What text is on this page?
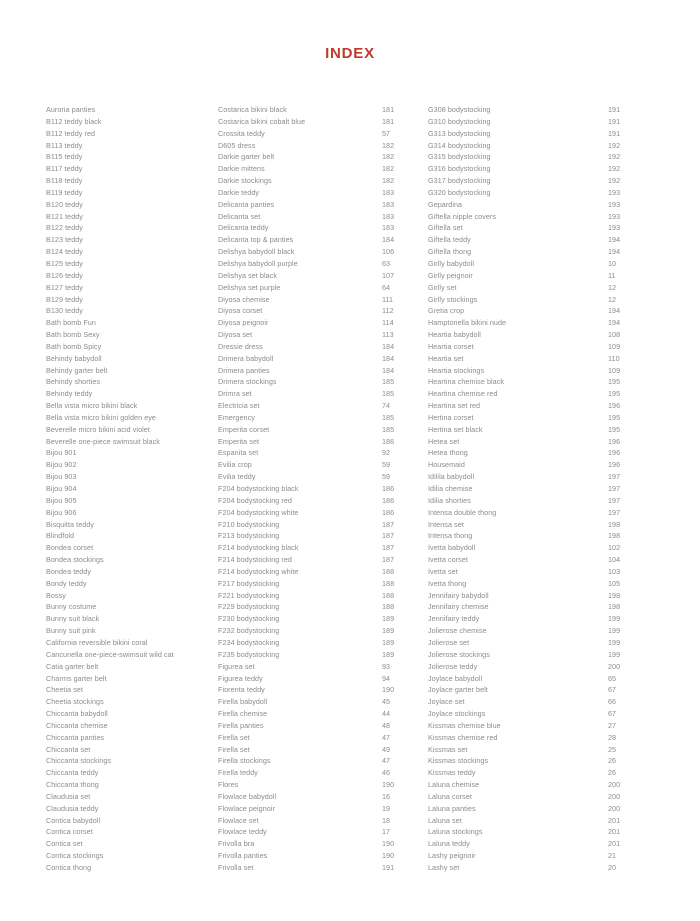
INDEX
Auroria panties
B112 teddy black
B112 teddy red
B113 teddy
B115 teddy
B117 teddy
B118 teddy
B119 teddy
B120 teddy
B121 teddy
B122 teddy
B123 teddy
B124 teddy
B125 teddy
B126 teddy
B127 teddy
B129 teddy
B130 teddy
Bath bomb Fun
Bath bomb Sexy
Bath bomb Spicy
Behindy babydoll
Behindy garter belt
Behindy shorties
Behindy teddy
Bella vista micro bikini black
Bella vista micro bikini golden eye
Beverelle micro bikini acid violet
Beverelle one-piece swimsuit black
Bijou 901
Bijou 902
Bijou 903
Bijou 904
Bijou 905
Bijou 906
Bisquitta teddy
Blindfold
Bondea corset
Bondea stockings
Bondea teddy
Bondy teddy
Bossy
Bunny costume
Bunny suit black
Bunny suit pink
California reversible bikini coral
Cancunella one-piece-swimsuit wild cat
Catia garter belt
Charms garter belt
Cheetia set
Cheetia stockings
Chiccanta babydoll
Chiccanta chemise
Chiccanta panties
Chiccanta set
Chiccanta stockings
Chiccanta teddy
Chiccanta thong
Claudusia set
Claudusia teddy
Contica babydoll
Contica corset
Contica set
Contica stockings
Contica thong
Costarica bikini black	181
Costarica bikini cobalt blue	181
Crossita teddy	57
D605 dress	182
Darkie garter belt	182
Darkie mittens	182
Darkie stockings	182
Darkie teddy	183
Delicanta panties	183
Delicanta set	183
Delicanta teddy	183
Delicanta top & panties	184
Delishya babydoll black	106
Delishya babydoll purple	63
Delishya set black	107
Delishya set purple	64
Diyosa chemise	111
Diyosa corset	112
Diyosa peignoir	114
Diyosa set	113
Dressie dress	184
Drimera babydoll	184
Drimera panties	184
Drimera stockings	185
Drimra set	185
Electricia set	74
Emergency	185
Emperita corset	185
Emperita set	186
Espanita set	92
Evilia crop	59
Evilia teddy	59
F204 bodystocking black	186
F204 bodystocking red	186
F204 bodystocking white	186
F210 bodystocking	187
F213 bodystocking	187
F214 bodystocking black	187
F214 bodystocking red	187
F214 bodystocking white	188
F217 bodystocking	188
F221 bodystocking	188
F229 bodystocking	188
F230 bodystocking	189
F232 bodystocking	189
F234 bodystocking	189
F235 bodystocking	189
Figurea set	93
Figurea teddy	94
Fiorenta teddy	190
Firella babydoll	45
Firella chemise	44
Firella panties	48
Firella set	47
Firella set	49
Firella stockings	47
Firella teddy	46
Flores	190
Flowlace babydoll	16
Flowlace peignoir	19
Flowlace set	18
Flowlace teddy	17
Frivolla bra	190
Frivolla panties	190
Frivolla set	191
G308 bodystocking	191
G310 bodystocking	191
G313 bodystocking	191
G314 bodystocking	192
G315 bodystocking	192
G316 bodystocking	192
G317 bodystocking	192
G320 bodystocking	193
Gepardina	193
Giftella nipple covers	193
Giftella set	193
Giftella teddy	194
Giftella thong	194
Girlly babydoll	10
Girlly peignoir	11
Girlly set	12
Girlly stockings	12
Gretia crop	194
Hamptonella bikini nude	194
Heartia babydoll	108
Heartia corset	109
Heartia set	110
Heartia stockings	109
Heartina chemise black	195
Heartina chemise red	195
Heartina set red	196
Hertina corset	195
Hertina set black	195
Hetea set	196
Hetea thong	196
Housemaid	196
Idilila babydoll	197
Idilia chemise	197
Idilia shorties	197
Intensa double thong	197
Intensa set	198
Intensa thong	198
Ivetta babydoll	102
Ivetta corset	104
Ivetta set	103
Ivetta thong	105
Jennifairy babydoll	198
Jennifairy chemise	198
Jennifairy teddy	199
Jolierose chemise	199
Jolierose set	199
Jolierose stockings	199
Jolierose teddy	200
Joylace babydoll	65
Joylace garter belt	67
Joylace set	66
Joylace stockings	67
Kissmas chemise blue	27
Kissmas chemise red	28
Kissmas set	25
Kissmas stockings	26
Kissmas teddy	26
Laluna chemise	200
Laluna corset	200
Laluna panties	200
Laluna set	201
Laluna stockings	201
Laluna teddy	201
Lashy peignoir	21
Lashy set	20
